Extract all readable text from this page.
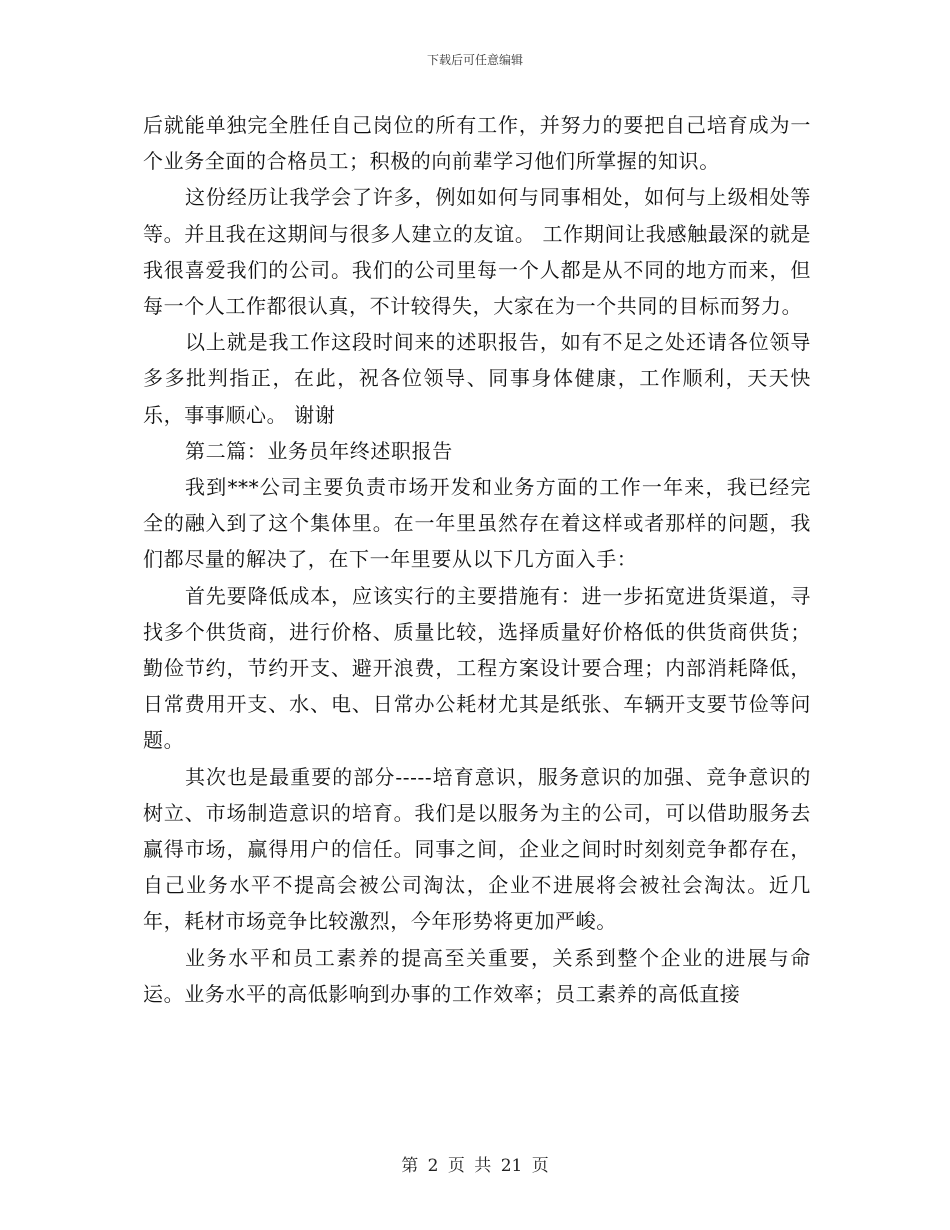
下载后可任意编辑

后就能单独完全胜任自己岗位的所有工作，并努力的要把自己培育成为一个业务全面的合格员工；积极的向前辈学习他们所掌握的知识。

这份经历让我学会了许多，例如如何与同事相处，如何与上级相处等等。并且我在这期间与很多人建立的友谊。 工作期间让我感触最深的就是我很喜爱我们的公司。我们的公司里每一个人都是从不同的地方而来，但每一个人工作都很认真，不计较得失，大家在为一个共同的目标而努力。

以上就是我工作这段时间来的述职报告，如有不足之处还请各位领导多多批判指正，在此，祝各位领导、同事身体健康，工作顺利，天天快乐，事事顺心。 谢谢

第二篇：业务员年终述职报告

我到***公司主要负责市场开发和业务方面的工作一年来，我已经完全的融入到了这个集体里。在一年里虽然存在着这样或者那样的问题，我们都尽量的解决了，在下一年里要从以下几方面入手：

首先要降低成本，应该实行的主要措施有：进一步拓宽进货渠道，寻找多个供货商，进行价格、质量比较，选择质量好价格低的供货商供货；勤俭节约，节约开支、避开浪费，工程方案设计要合理；内部消耗降低，日常费用开支、水、电、日常办公耗材尤其是纸张、车辆开支要节俭等问题。

其次也是最重要的部分-----培育意识，服务意识的加强、竞争意识的树立、市场制造意识的培育。我们是以服务为主的公司，可以借助服务去赢得市场，赢得用户的信任。同事之间，企业之间时时刻刻竞争都存在，自己业务水平不提高会被公司淘汰，企业不进展将会被社会淘汰。近几年，耗材市场竞争比较激烈，今年形势将更加严峻。

业务水平和员工素养的提高至关重要，关系到整个企业的进展与命运。业务水平的高低影响到办事的工作效率；员工素养的高低直接

第 2 页 共 21 页
